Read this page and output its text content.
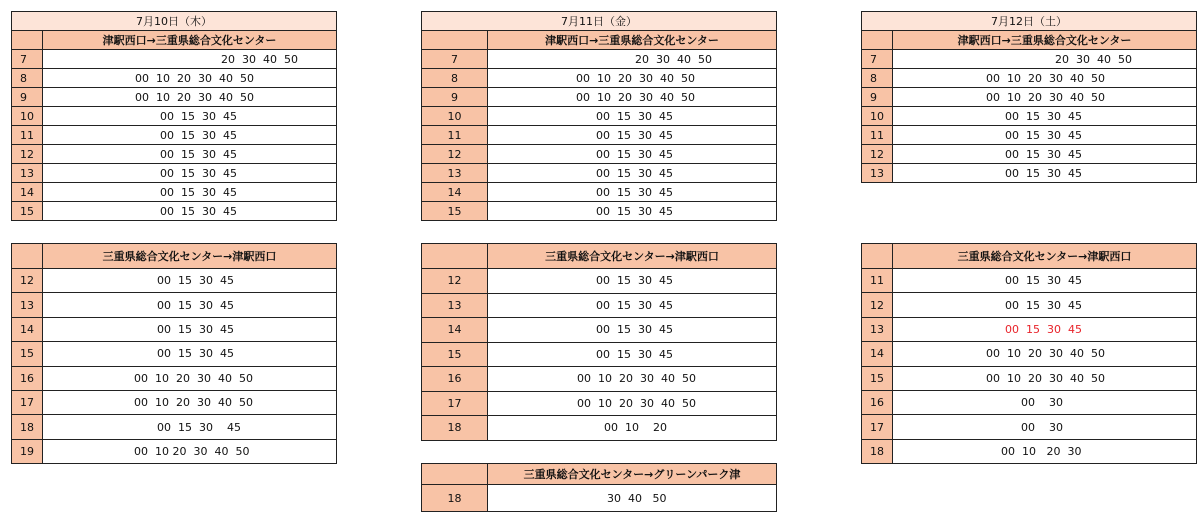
7月10日（木）	
	津駅西口→三重県総合文化センター
7	20  30  40  50
8	00  10  20  30  40  50
9	00  10  20  30  40  50
10	00  15  30  45
11	00  15  30  45
12	00  15  30  45
13	00  15  30  45
14	00  15  30  45
15	00  15  30  45
7月11日（金）	
	津駅西口→三重県総合文化センター
7	20  30  40  50
8	00  10  20  30  40  50
9	00  10  20  30  40  50
10	00  15  30  45
11	00  15  30  45
12	00  15  30  45
13	00  15  30  45
14	00  15  30  45
15	00  15  30  45
7月12日（土）	
	津駅西口→三重県総合文化センター
7	20  30  40  50
8	00  10  20  30  40  50
9	00  10  20  30  40  50
10	00  15  30  45
11	00  15  30  45
12	00  15  30  45
13	00  15  30  45
	三重県総合文化センター→津駅西口
12	00  15  30  45
13	00  15  30  45
14	00  15  30  45
15	00  15  30  45
16	00  10  20  30  40  50
17	00  10  20  30  40  50
18	00  15  30    45
19	00  10 20  30  40  50
	三重県総合文化センター→津駅西口
12	00  15  30  45
13	00  15  30  45
14	00  15  30  45
15	00  15  30  45
16	00  10  20  30  40  50
17	00  10  20  30  40  50
18	00  10    20
	三重県総合文化センター→津駅西口
11	00  15  30  45
12	00  15  30  45
13	00  15  30  45
14	00  10  20  30  40  50
15	00  10  20  30  40  50
16	00    30
17	00    30
18	00  10   20  30
	三重県総合文化センター→グリーンパーク津
18	30  40   50
